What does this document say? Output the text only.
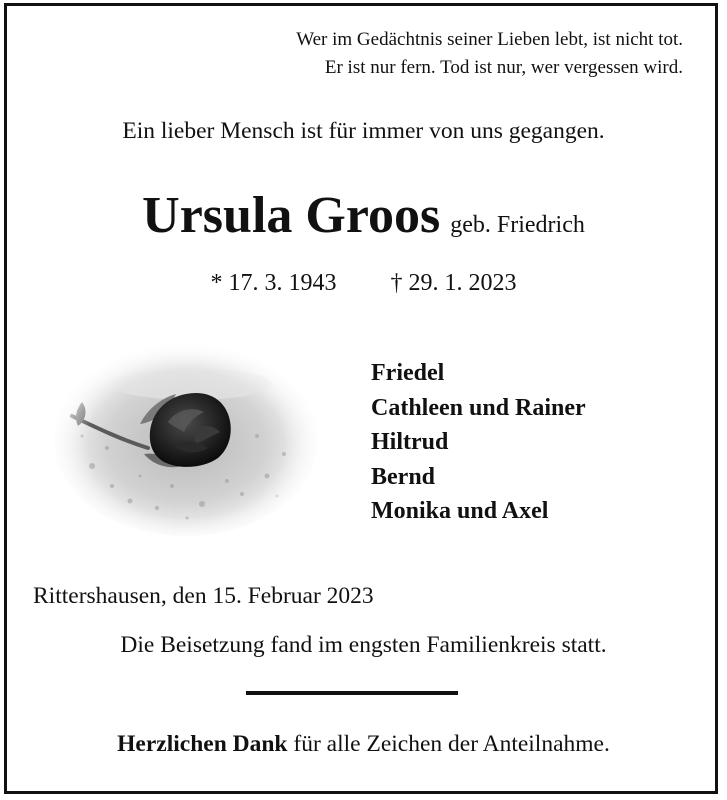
Wer im Gedächtnis seiner Lieben lebt, ist nicht tot.
Er ist nur fern. Tod ist nur, wer vergessen wird.
Ein lieber Mensch ist für immer von uns gegangen.
Ursula Groos geb. Friedrich
* 17. 3. 1943 † 29. 1. 2023
Friedel
Cathleen und Rainer
Hiltrud
Bernd
Monika und Axel
Rittershausen, den 15. Februar 2023
Die Beisetzung fand im engsten Familienkreis statt.
Herzlichen Dank für alle Zeichen der Anteilnahme.
